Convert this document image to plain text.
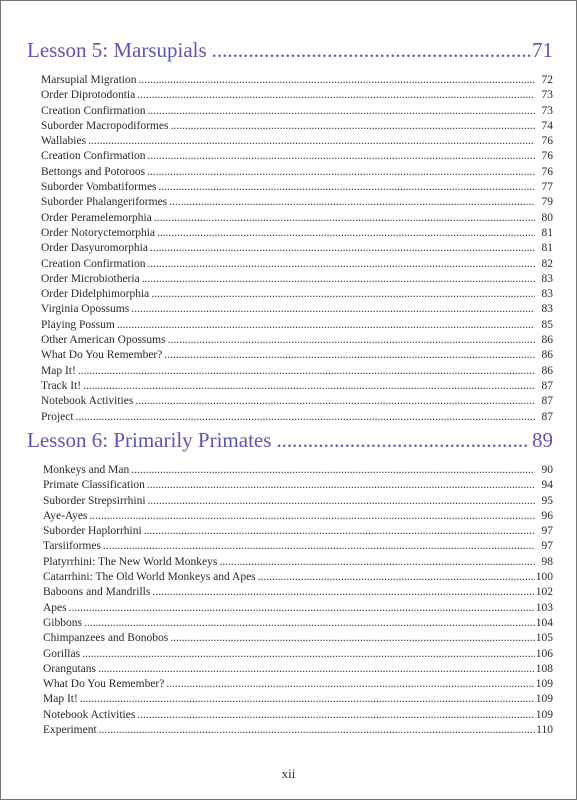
Lesson 5: Marsupials .....	71
Marsupial Migration .....	72
Order Diprotodontia .....	73
Creation Confirmation .....	73
Suborder Macropodiformes .....	74
Wallabies .....	76
Creation Confirmation .....	76
Bettongs and Potoroos .....	76
Suborder Vombatiformes .....	77
Suborder Phalangeriformes .....	79
Order Peramelemorphia .....	80
Order Notoryctemorphia .....	81
Order Dasyuromorphia .....	81
Creation Confirmation .....	82
Order Microbiotheria .....	83
Order Didelphimorphia .....	83
Virginia Opossums .....	83
Playing Possum .....	85
Other American Opossums .....	86
What Do You Remember? .....	86
Map It! .....	86
Track It! .....	87
Notebook Activities .....	87
Project .....	87
Lesson 6: Primarily Primates .....	89
Monkeys and Man .....	90
Primate Classification .....	94
Suborder Strepsirrhini .....	95
Aye-Ayes .....	96
Suborder Haplorrhini .....	97
Tarsiiformes .....	97
Platyrrhini: The New World Monkeys .....	98
Catarrhini: The Old World Monkeys and Apes .....	100
Baboons and Mandrills .....	102
Apes .....	103
Gibbons .....	104
Chimpanzees and Bonobos .....	105
Gorillas .....	106
Orangutans .....	108
What Do You Remember? .....	109
Map It! .....	109
Notebook Activities .....	109
Experiment .....	110
xii
